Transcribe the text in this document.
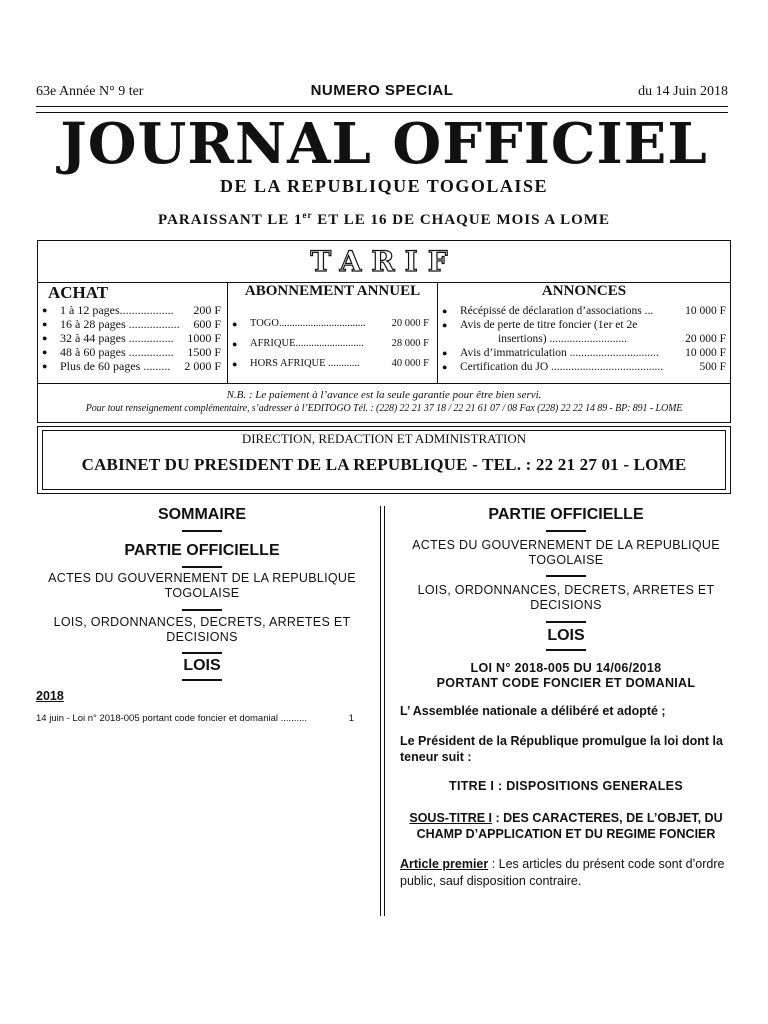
63e Année N° 9 ter	NUMERO SPECIAL	du 14 Juin 2018
JOURNAL OFFICIEL
DE LA REPUBLIQUE TOGOLAISE
PARAISSANT LE 1er ET LE 16 DE CHAQUE MOIS A LOME
TARIF
ACHAT
● 1 à 12 pages.................. 200 F
● 16 à 28 pages ................. 600 F
● 32 à 44 pages ............... 1000 F
● 48 à 60 pages ............... 1500 F
● Plus de 60 pages ......... 2 000 F
ABONNEMENT ANNUEL
● TOGO................................. 20 000 F
● AFRIQUE..........................	28 000 F
● HORS AFRIQUE ............	40 000 F
ANNONCES
● Récépissé de déclaration d’associations ...	10 000 F
● Avis de perte de titre foncier (1er et 2e
insertions) ...........................	20 000 F
● Avis d’immatriculation ............................... 10 000 F
● Certification du JO .......................................	500 F
N.B. : Le paiement à l’avance est la seule garantie pour être bien servi.
Pour tout renseignement complémentaire, s’adresser à l’EDITOGO Tél. : (228) 22 21 37 18 / 22 21 61 07 / 08 Fax (228) 22 22 14 89 - BP: 891 - LOME
DIRECTION, REDACTION ET ADMINISTRATION
CABINET DU PRESIDENT DE LA REPUBLIQUE - TEL. : 22 21 27 01 - LOME
SOMMAIRE
PARTIE OFFICIELLE
ACTES DU GOUVERNEMENT DE LA REPUBLIQUE TOGOLAISE
LOIS, ORDONNANCES, DECRETS, ARRETES ET DECISIONS
LOIS
2018
14 juin - Loi n° 2018-005 portant code foncier et domanial ..........	1
PARTIE OFFICIELLE
ACTES DU GOUVERNEMENT DE LA REPUBLIQUE TOGOLAISE
LOIS, ORDONNANCES, DECRETS, ARRETES ET DECISIONS
LOIS
LOI N° 2018-005 DU 14/06/2018
PORTANT CODE FONCIER ET DOMANIAL
L’ Assemblée nationale a délibéré et adopté ;
Le Président de la République promulgue la loi dont la teneur suit :
TITRE I : DISPOSITIONS GENERALES
SOUS-TITRE I : DES CARACTERES, DE L’OBJET, DU CHAMP D’APPLICATION ET DU REGIME FONCIER
Article premier : Les articles du présent code sont d’ordre public, sauf disposition contraire.
